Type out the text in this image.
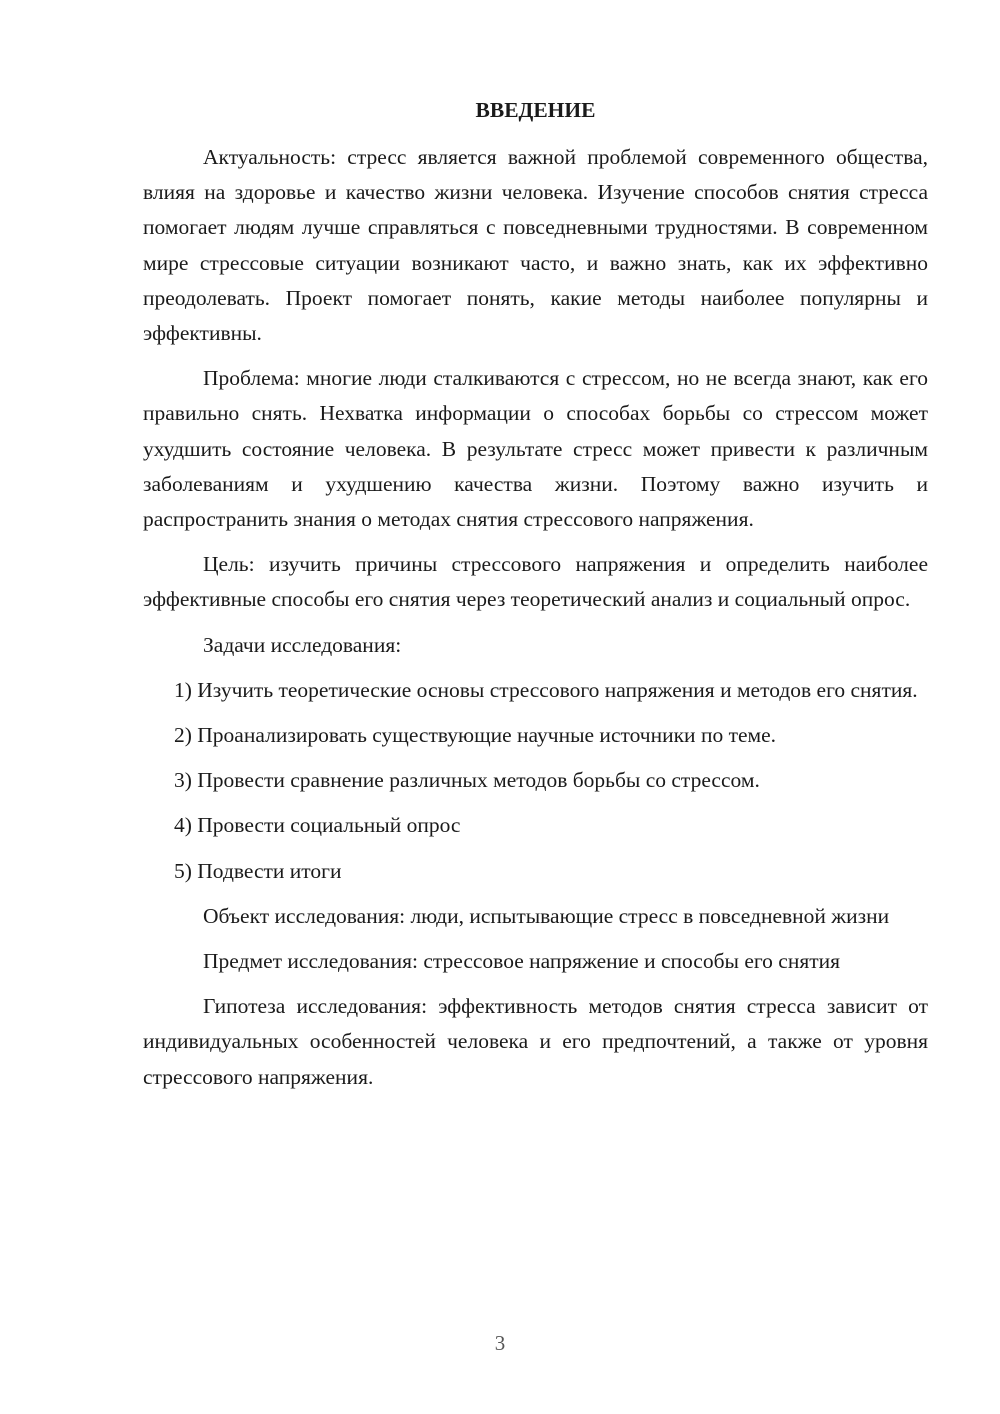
ВВЕДЕНИЕ

Актуальность: стресс является важной проблемой современного общества, влияя на здоровье и качество жизни человека. Изучение способов снятия стресса помогает людям лучше справляться с повседневными трудностями. В современном мире стрессовые ситуации возникают часто, и важно знать, как их эффективно преодолевать. Проект помогает понять, какие методы наиболее популярны и эффективны.

Проблема: многие люди сталкиваются с стрессом, но не всегда знают, как его правильно снять. Нехватка информации о способах борьбы со стрессом может ухудшить состояние человека. В результате стресс может привести к различным заболеваниям и ухудшению качества жизни. Поэтому важно изучить и распространить знания о методах снятия стрессового напряжения.

Цель: изучить причины стрессового напряжения и определить наиболее эффективные способы его снятия через теоретический анализ и социальный опрос.

Задачи исследования:

1) Изучить теоретические основы стрессового напряжения и методов его снятия.

2) Проанализировать существующие научные источники по теме.

3) Провести сравнение различных методов борьбы со стрессом.

4) Провести социальный опрос

5) Подвести итоги

Объект исследования: люди, испытывающие стресс в повседневной жизни

Предмет исследования: стрессовое напряжение и способы его снятия

Гипотеза исследования: эффективность методов снятия стресса зависит от индивидуальных особенностей человека и его предпочтений, а также от уровня стрессового напряжения.

3
